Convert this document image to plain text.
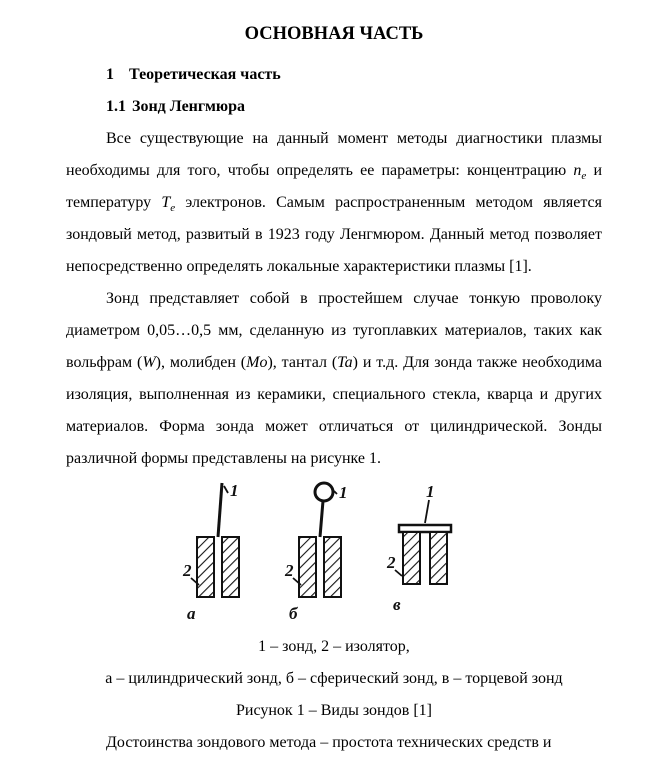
ОСНОВНАЯ ЧАСТЬ
1 Теоретическая часть
1.1 Зонд Ленгмюра

Все существующие на данный момент методы диагностики плазмы необходимы для того, чтобы определять ее параметры: концентрацию $n_e$ и температуру $T_e$ электронов. Самым распространенным методом является зондовый метод, развитый в 1923 году Ленгмюром. Данный метод позволяет непосредственно определять локальные характеристики плазмы [1].

Зонд представляет собой в простейшем случае тонкую проволоку диаметром 0,05…0,5 мм, сделанную из тугоплавких материалов, таких как вольфрам (W), молибден (Mo), тантал (Ta) и т.д. Для зонда также необходима изоляция, выполненная из керамики, специального стекла, кварца и других материалов. Форма зонда может отличаться от цилиндрической. Зонды различной формы представлены на рисунке 1.

1
2
а
1
2
б
1
2
в
1 – зонд, 2 – изолятор,
а – цилиндрический зонд, б – сферический зонд, в – торцевой зонд
Рисунок 1 – Виды зондов [1]

Достоинства зондового метода – простота технических средств и
